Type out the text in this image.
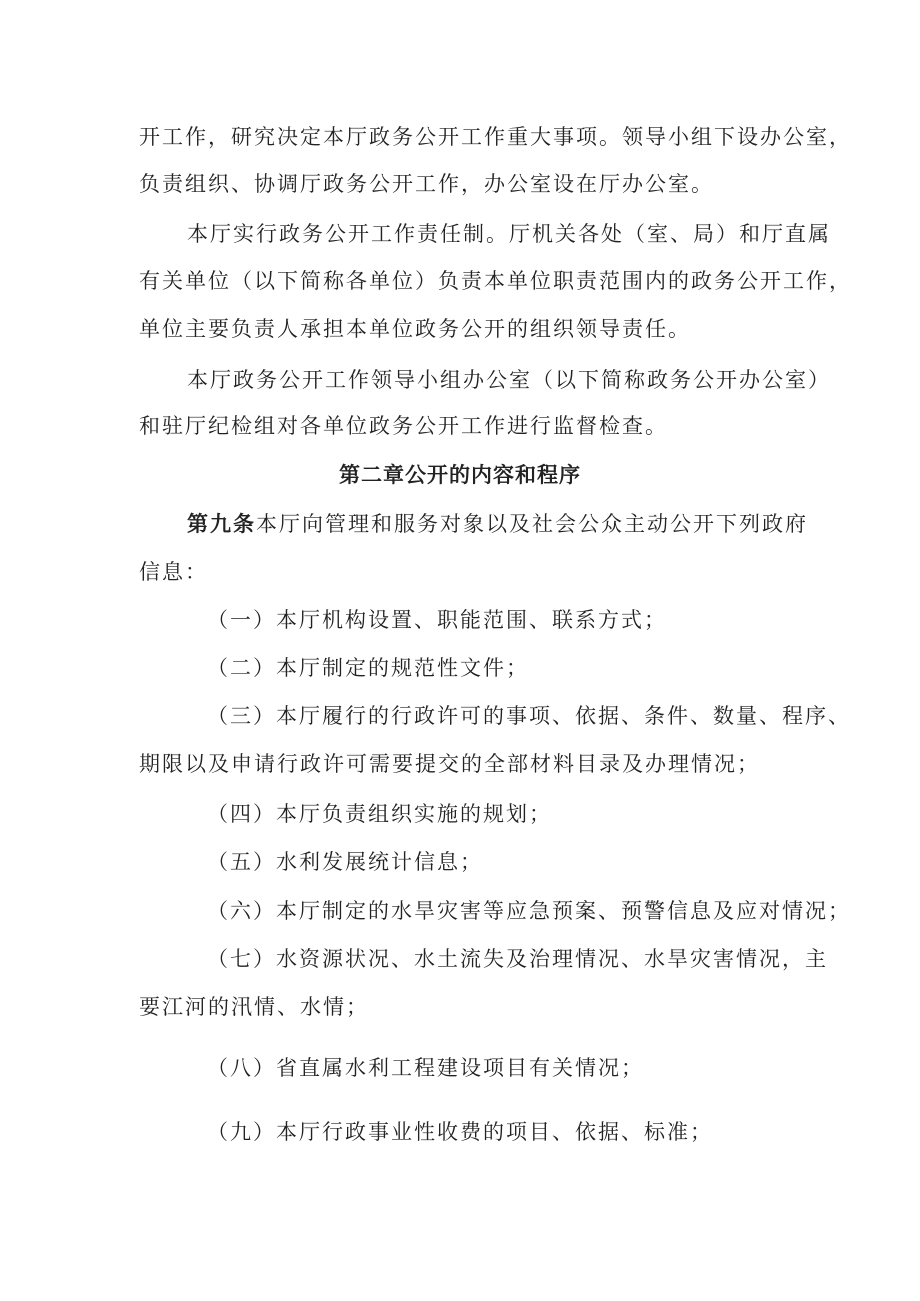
开工作，研究决定本厅政务公开工作重大事项。领导小组下设办公室，
负责组织、协调厅政务公开工作，办公室设在厅办公室。
本厅实行政务公开工作责任制。厅机关各处（室、局）和厅直属
有关单位（以下简称各单位）负责本单位职责范围内的政务公开工作，
单位主要负责人承担本单位政务公开的组织领导责任。
本厅政务公开工作领导小组办公室（以下简称政务公开办公室）
和驻厅纪检组对各单位政务公开工作进行监督检查。
第二章公开的内容和程序
第九条本厅向管理和服务对象以及社会公众主动公开下列政府
信息：
（一）本厅机构设置、职能范围、联系方式；
（二）本厅制定的规范性文件；
（三）本厅履行的行政许可的事项、依据、条件、数量、程序、
期限以及申请行政许可需要提交的全部材料目录及办理情况；
（四）本厅负责组织实施的规划；
（五）水利发展统计信息；
（六）本厅制定的水旱灾害等应急预案、预警信息及应对情况；
（七）水资源状况、水土流失及治理情况、水旱灾害情况，主
要江河的汛情、水情；
（八）省直属水利工程建设项目有关情况；
（九）本厅行政事业性收费的项目、依据、标准；
